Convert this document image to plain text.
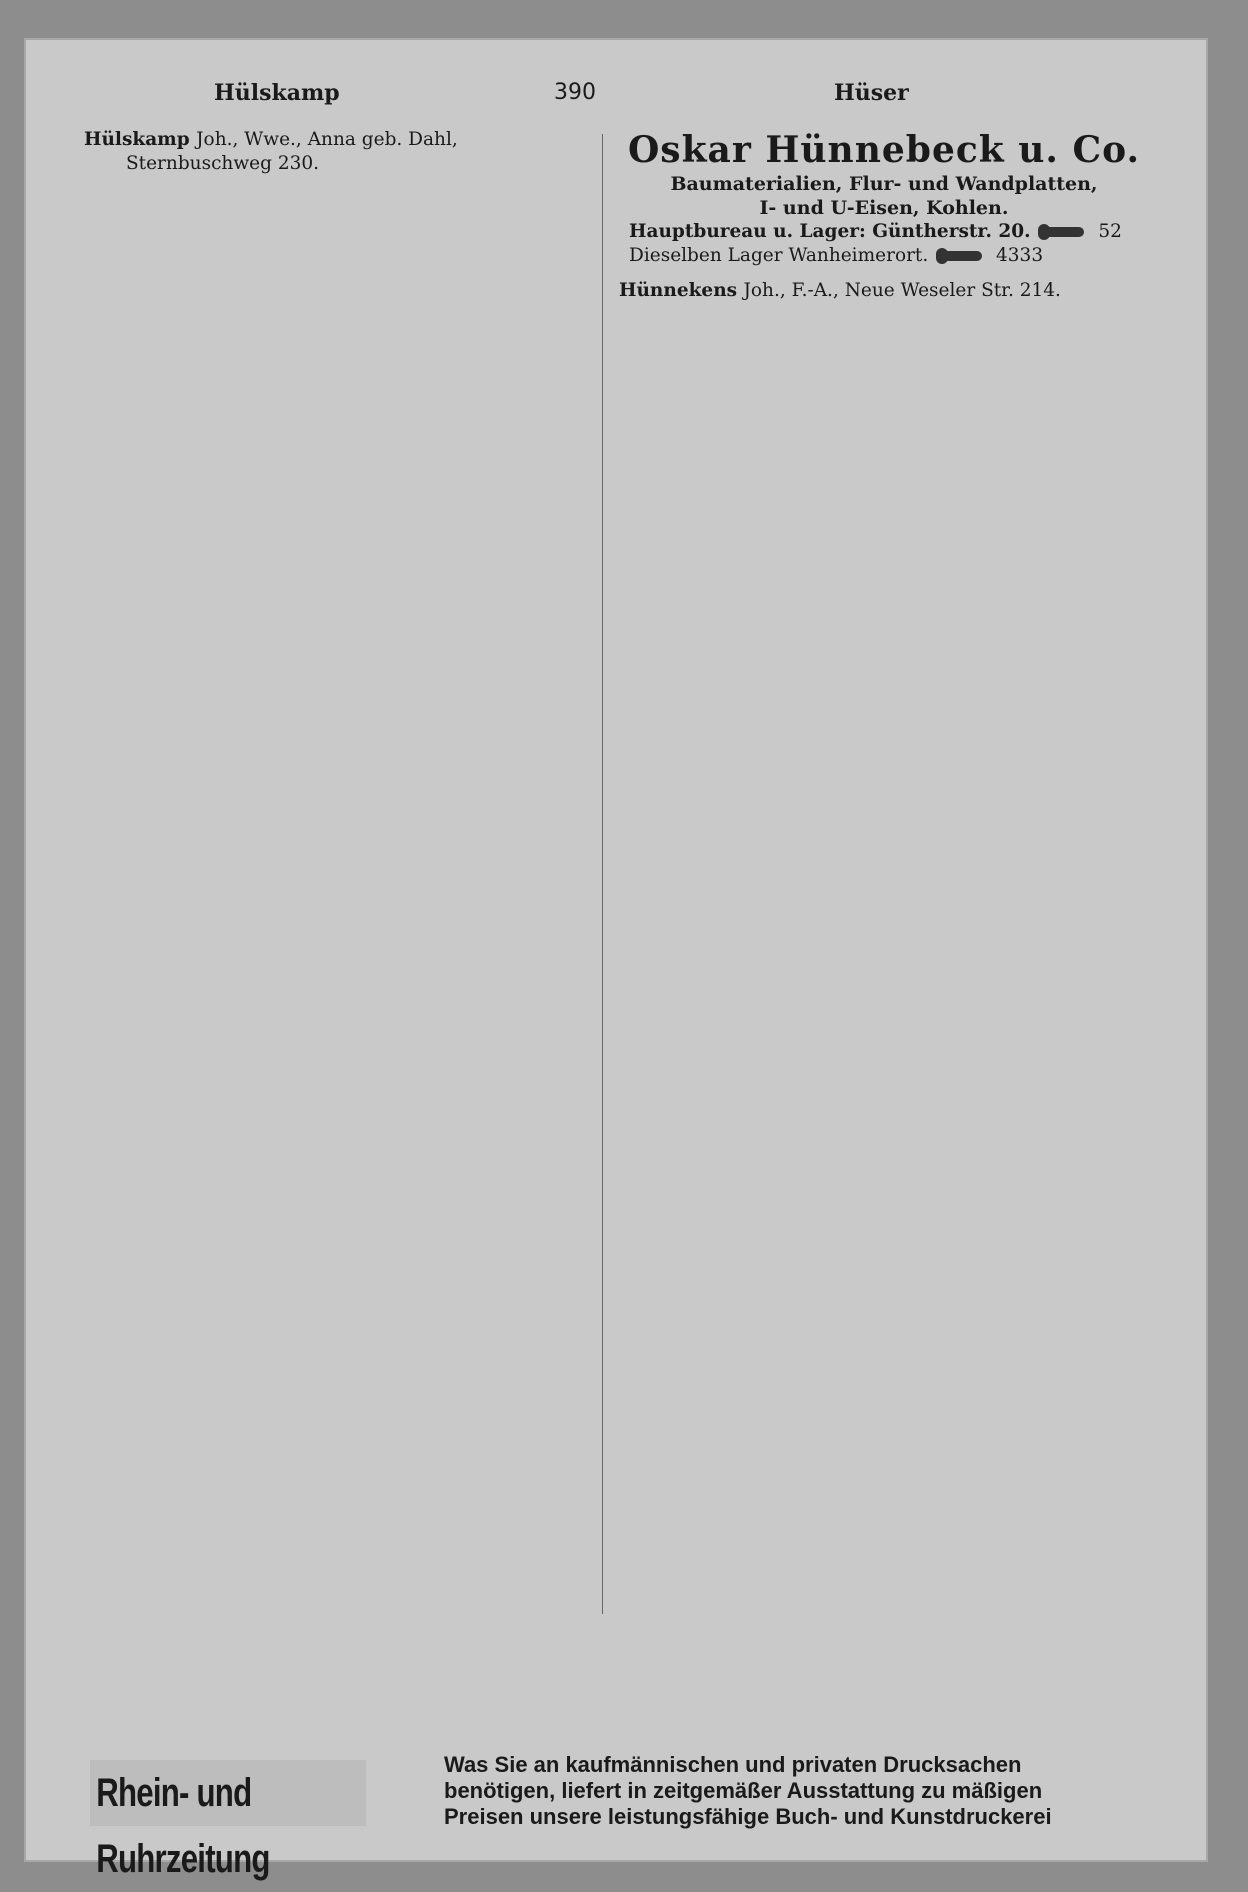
Hülskamp	390	Hüser
Hülskamp Joh., Wwe., Anna geb. Dahl,
Sternbuschweg 230.	Oskar Hünnebeck u. Co.
Baumaterialien, Flur- und Wandplatten,
I- und U-Eisen, Kohlen.
Hauptbureau u. Lager: Güntherstr. 20.	52
Dieselben Lager Wanheimerort.	4333
Hünnekens Joh., F.-A., Neue Weseler Str. 214.
Rhein- und Ruhrzeitung
Was Sie an kaufmännischen und privaten Drucksachen
benötigen, liefert in zeitgemäßer Ausstattung zu mäßigen
Preisen unsere leistungsfähige Buch- und Kunstdruckerei
